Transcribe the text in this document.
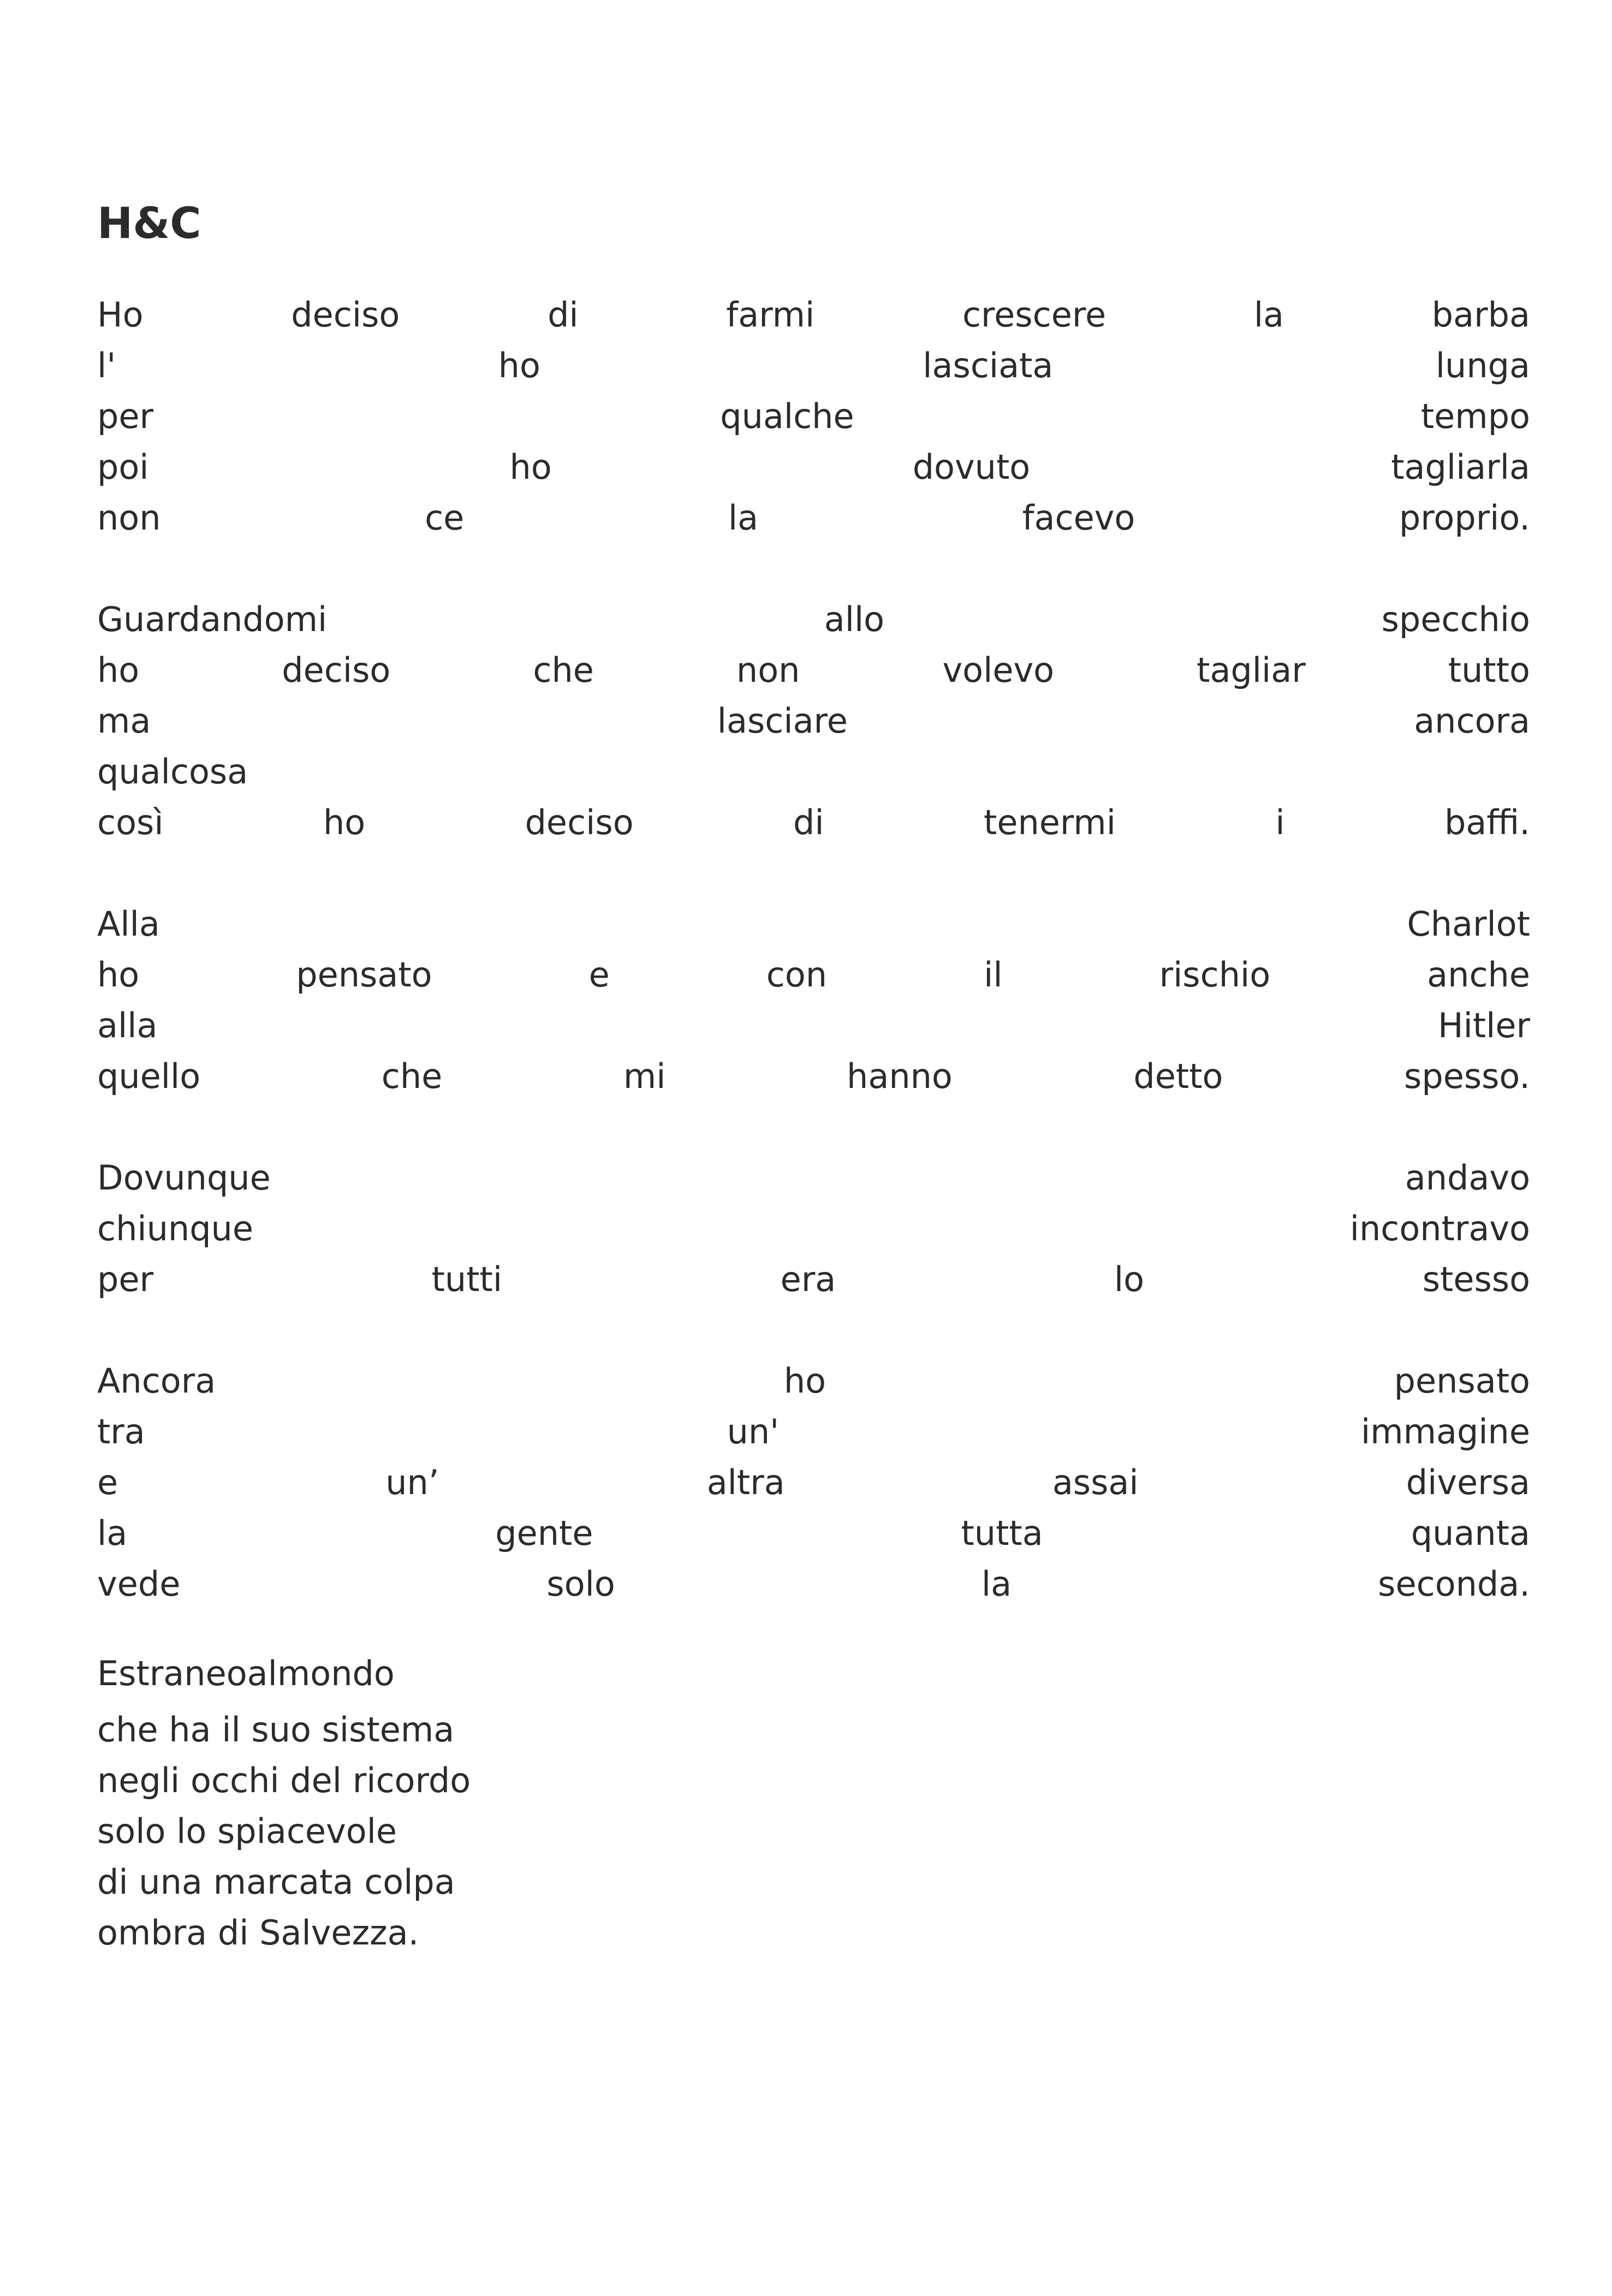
H&C
Ho	deciso	di	farmi	crescere	la	barba
l'	ho	lasciata	lunga
per	qualche	tempo
poi	ho	dovuto	tagliarla
non	ce	la	facevo	proprio.
Guardandomi	allo	specchio
ho	deciso	che	non	volevo	tagliar	tutto
ma	lasciare	ancora
qualcosa
così	ho	deciso	di	tenermi	i	baffi.
Alla	Charlot
ho	pensato	e	con	il	rischio	anche
alla	Hitler
quello	che	mi	hanno	detto	spesso.
Dovunque	andavo
chiunque	incontravo
per	tutti	era	lo	stesso
Ancora	ho	pensato
tra	un'	immagine
e	un’	altra	assai	diversa
la	gente	tutta	quanta
vede	solo	la	seconda.
Estraneoalmondo
che ha il suo sistema
negli occhi del ricordo
solo lo spiacevole
di una marcata colpa
ombra di Salvezza.
